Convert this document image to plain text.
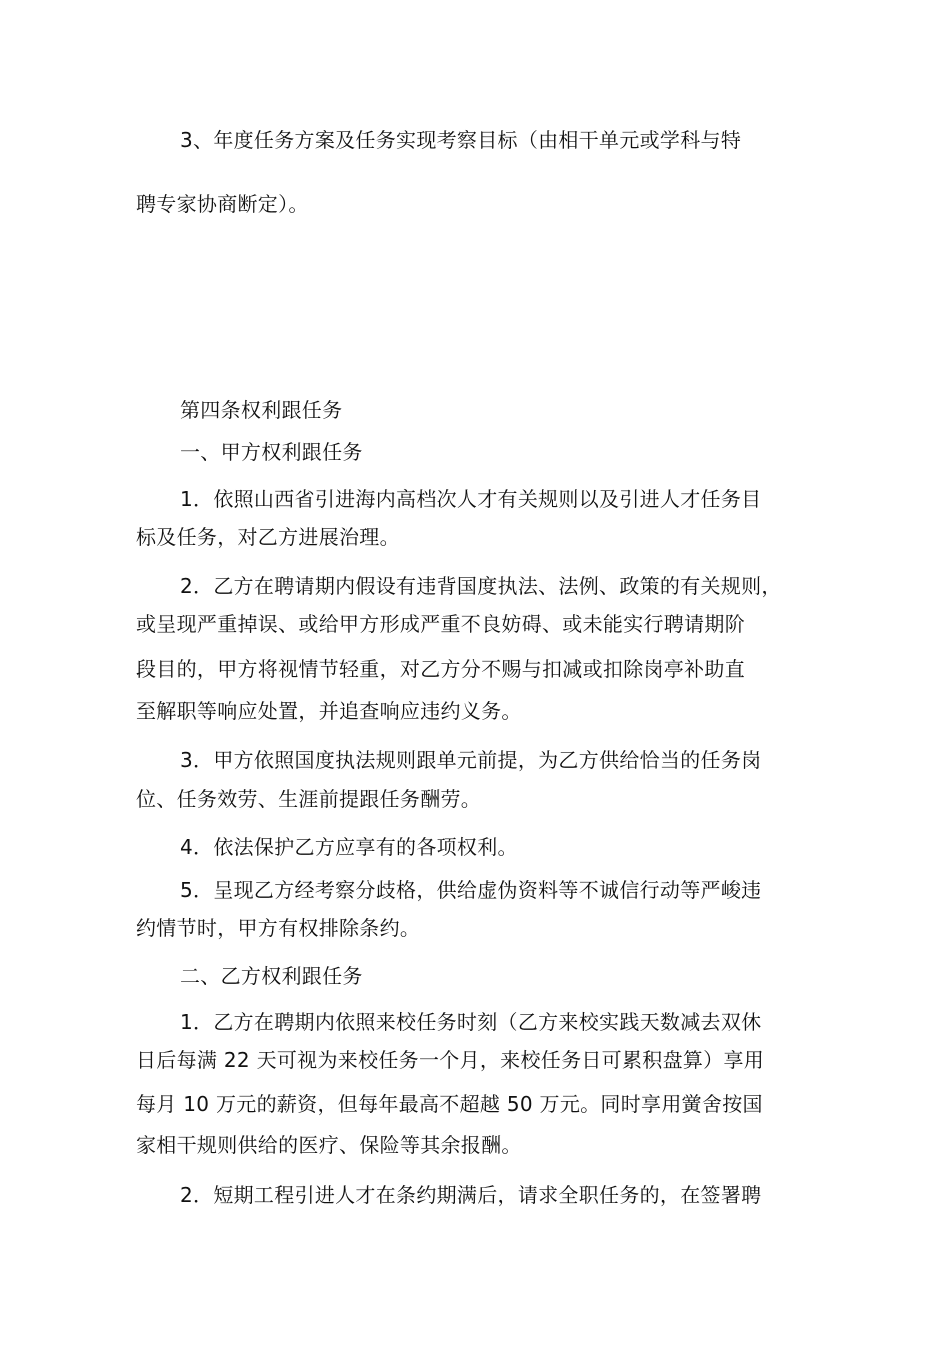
3、年度任务方案及任务实现考察目标（由相干单元或学科与特
聘专家协商断定）。
第四条权利跟任务
一、甲方权利跟任务
1．依照山西省引进海内高档次人才有关规则以及引进人才任务目
标及任务，对乙方进展治理。
2．乙方在聘请期内假设有违背国度执法、法例、政策的有关规则，
或呈现严重掉误、或给甲方形成严重不良妨碍、或未能实行聘请期阶
段目的，甲方将视情节轻重，对乙方分不赐与扣减或扣除岗亭补助直
至解职等响应处置，并追查响应违约义务。
3．甲方依照国度执法规则跟单元前提，为乙方供给恰当的任务岗
位、任务效劳、生涯前提跟任务酬劳。
4．依法保护乙方应享有的各项权利。
5．呈现乙方经考察分歧格，供给虚伪资料等不诚信行动等严峻违
约情节时，甲方有权排除条约。
二、乙方权利跟任务
1．乙方在聘期内依照来校任务时刻（乙方来校实践天数减去双休
日后每满 22 天可视为来校任务一个月，来校任务日可累积盘算）享用
每月 10 万元的薪资，但每年最高不超越 50 万元。同时享用黉舍按国
家相干规则供给的医疗、保险等其余报酬。
2．短期工程引进人才在条约期满后，请求全职任务的，在签署聘
